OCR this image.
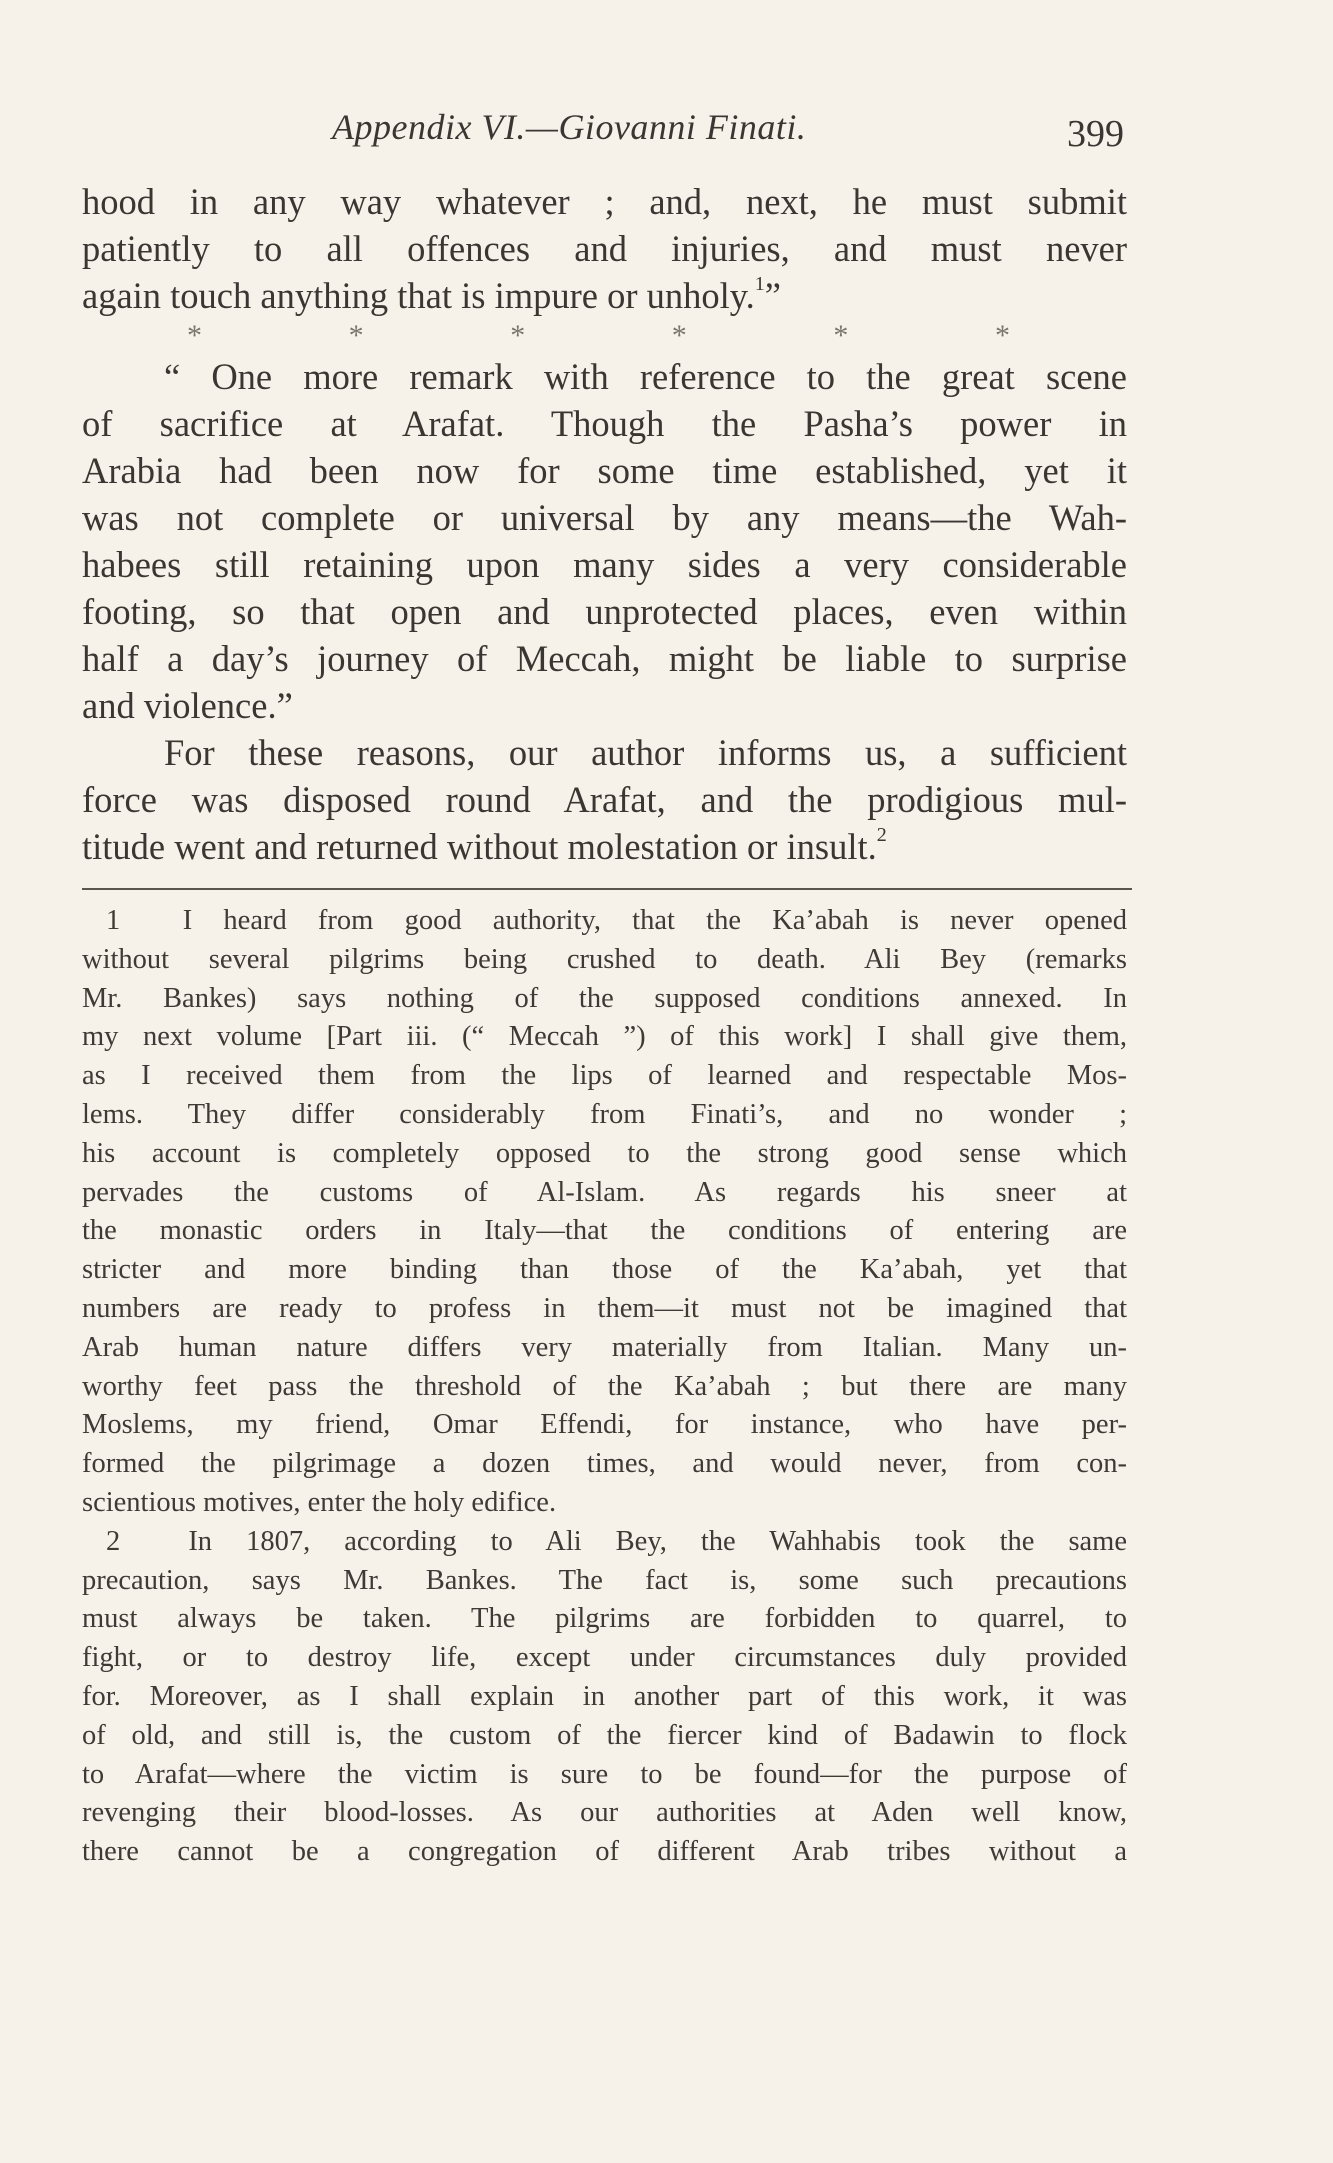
Appendix VI.—Giovanni Finati.	399

hood in any way whatever ; and, next, he must submit
patiently to all offences and injuries, and must never
again touch anything that is impure or unholy.$^1$”

*	*	*	*	*	*

“ One more remark with reference to the great scene
of sacrifice at Arafat. Though the Pasha’s power in
Arabia had been now for some time established, yet it
was not complete or universal by any means—the Wah-
habees still retaining upon many sides a very considerable
footing, so that open and unprotected places, even within
half a day’s journey of Meccah, might be liable to surprise
and violence.”

For these reasons, our author informs us, a sufficient
force was disposed round Arafat, and the prodigious mul-
titude went and returned without molestation or insult.$^2$

1 I heard from good authority, that the Ka’abah is never opened
without several pilgrims being crushed to death. Ali Bey (remarks
Mr. Bankes) says nothing of the supposed conditions annexed. In
my next volume [Part iii. (“ Meccah ”) of this work] I shall give them,
as I received them from the lips of learned and respectable Mos-
lems. They differ considerably from Finati’s, and no wonder ;
his account is completely opposed to the strong good sense which
pervades the customs of Al-Islam. As regards his sneer at
the monastic orders in Italy—that the conditions of entering are
stricter and more binding than those of the Ka’abah, yet that
numbers are ready to profess in them—it must not be imagined that
Arab human nature differs very materially from Italian. Many un-
worthy feet pass the threshold of the Ka’abah ; but there are many
Moslems, my friend, Omar Effendi, for instance, who have per-
formed the pilgrimage a dozen times, and would never, from con-
scientious motives, enter the holy edifice.
2 In 1807, according to Ali Bey, the Wahhabis took the same
precaution, says Mr. Bankes. The fact is, some such precautions
must always be taken. The pilgrims are forbidden to quarrel, to
fight, or to destroy life, except under circumstances duly provided
for. Moreover, as I shall explain in another part of this work, it was
of old, and still is, the custom of the fiercer kind of Badawin to flock
to Arafat—where the victim is sure to be found—for the purpose of
revenging their blood-losses. As our authorities at Aden well know,
there cannot be a congregation of different Arab tribes without a
